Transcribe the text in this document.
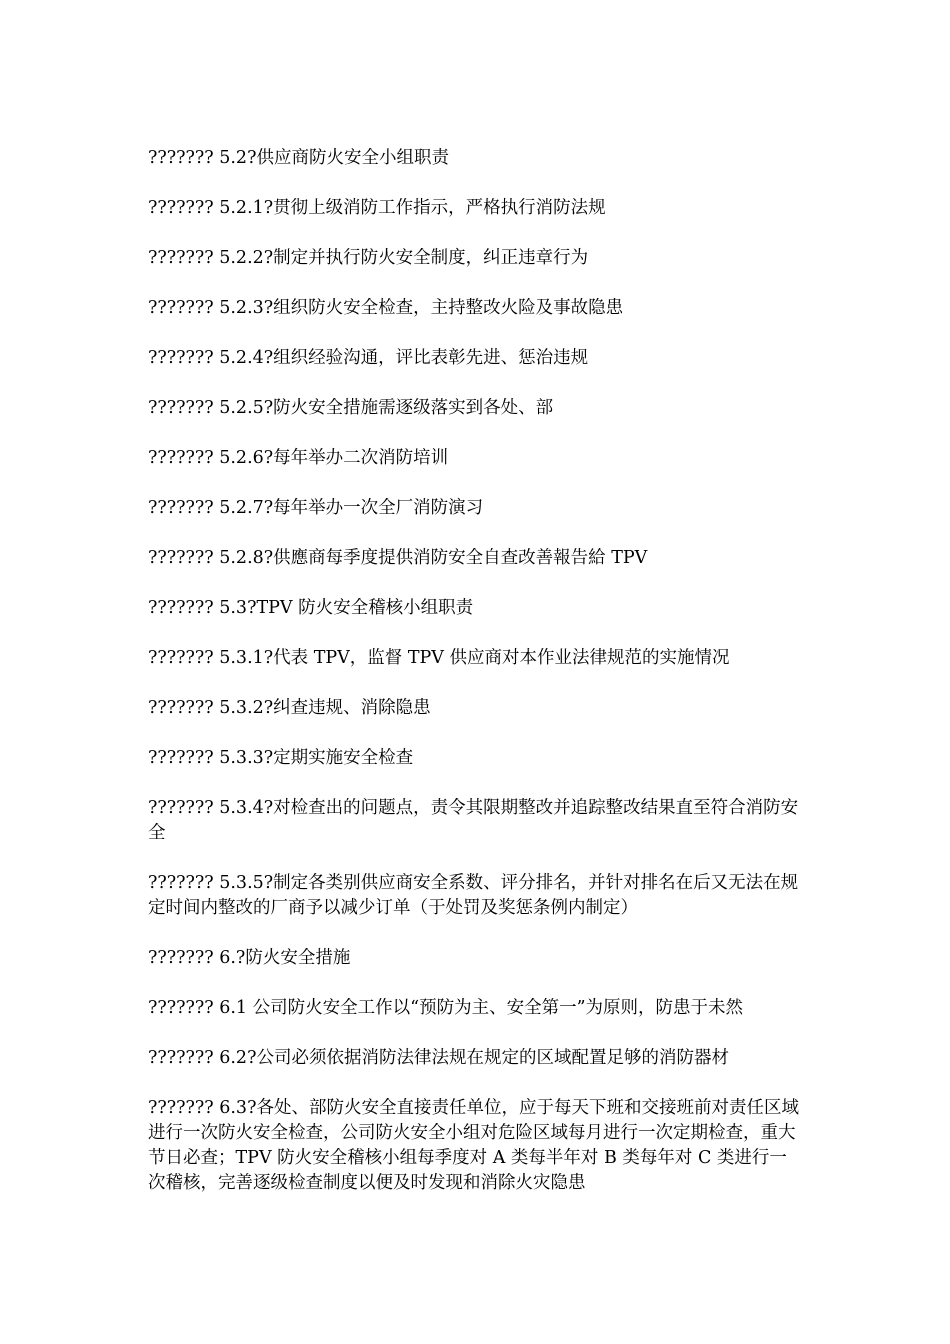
??????? 5.2?供应商防火安全小组职责

??????? 5.2.1?贯彻上级消防工作指示，严格执行消防法规

??????? 5.2.2?制定并执行防火安全制度，纠正违章行为

??????? 5.2.3?组织防火安全检查，主持整改火险及事故隐患

??????? 5.2.4?组织经验沟通，评比表彰先进、惩治违规

??????? 5.2.5?防火安全措施需逐级落实到各处、部

??????? 5.2.6?每年举办二次消防培训

??????? 5.2.7?每年举办一次全厂消防演习

??????? 5.2.8?供應商每季度提供消防安全自查改善報告給 TPV

??????? 5.3?TPV 防火安全稽核小组职责

??????? 5.3.1?代表 TPV，监督 TPV 供应商对本作业法律规范的实施情况

??????? 5.3.2?纠查违规、消除隐患

??????? 5.3.3?定期实施安全检查

??????? 5.3.4?对检查出的问题点，责令其限期整改并追踪整改结果直至符合消防安全

??????? 5.3.5?制定各类别供应商安全系数、评分排名，并针对排名在后又无法在规定时间内整改的厂商予以减少订单（于处罚及奖惩条例内制定）

??????? 6.?防火安全措施

??????? 6.1 公司防火安全工作以“预防为主、安全第一”为原则，防患于未然

??????? 6.2?公司必须依据消防法律法规在规定的区域配置足够的消防器材

??????? 6.3?各处、部防火安全直接责任单位，应于每天下班和交接班前对责任区域进行一次防火安全检查，公司防火安全小组对危险区域每月进行一次定期检查，重大节日必查；TPV 防火安全稽核小组每季度对 A 类每半年对 B 类每年对 C 类进行一次稽核，完善逐级检查制度以便及时发现和消除火灾隐患
